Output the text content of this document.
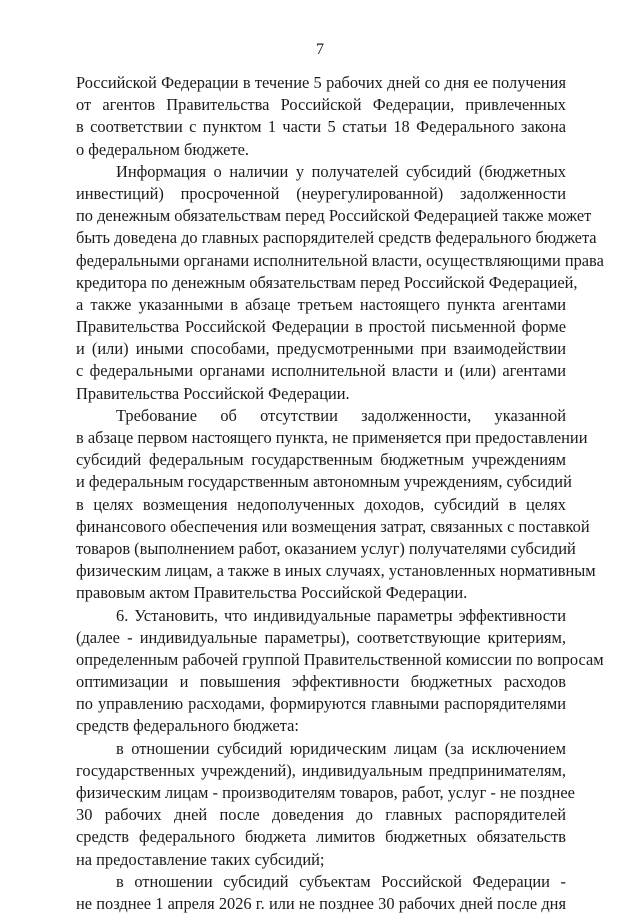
7
Российской Федерации в течение 5 рабочих дней со дня ее получения
от агентов Правительства Российской Федерации, привлеченных
в соответствии с пунктом 1 части 5 статьи 18 Федерального закона
о федеральном бюджете.
Информация о наличии у получателей субсидий (бюджетных
инвестиций) просроченной (неурегулированной) задолженности
по денежным обязательствам перед Российской Федерацией также может
быть доведена до главных распорядителей средств федерального бюджета
федеральными органами исполнительной власти, осуществляющими права
кредитора по денежным обязательствам перед Российской Федерацией,
а также указанными в абзаце третьем настоящего пункта агентами
Правительства Российской Федерации в простой письменной форме
и (или) иными способами, предусмотренными при взаимодействии
с федеральными органами исполнительной власти и (или) агентами
Правительства Российской Федерации.
Требование об отсутствии задолженности, указанной
в абзаце первом настоящего пункта, не применяется при предоставлении
субсидий федеральным государственным бюджетным учреждениям
и федеральным государственным автономным учреждениям, субсидий
в целях возмещения недополученных доходов, субсидий в целях
финансового обеспечения или возмещения затрат, связанных с поставкой
товаров (выполнением работ, оказанием услуг) получателями субсидий
физическим лицам, а также в иных случаях, установленных нормативным
правовым актом Правительства Российской Федерации.
6. Установить, что индивидуальные параметры эффективности
(далее - индивидуальные параметры), соответствующие критериям,
определенным рабочей группой Правительственной комиссии по вопросам
оптимизации и повышения эффективности бюджетных расходов
по управлению расходами, формируются главными распорядителями
средств федерального бюджета:
в отношении субсидий юридическим лицам (за исключением
государственных учреждений), индивидуальным предпринимателям,
физическим лицам - производителям товаров, работ, услуг - не позднее
30 рабочих дней после доведения до главных распорядителей
средств федерального бюджета лимитов бюджетных обязательств
на предоставление таких субсидий;
в отношении субсидий субъектам Российской Федерации -
не позднее 1 апреля 2026 г. или не позднее 30 рабочих дней после дня
